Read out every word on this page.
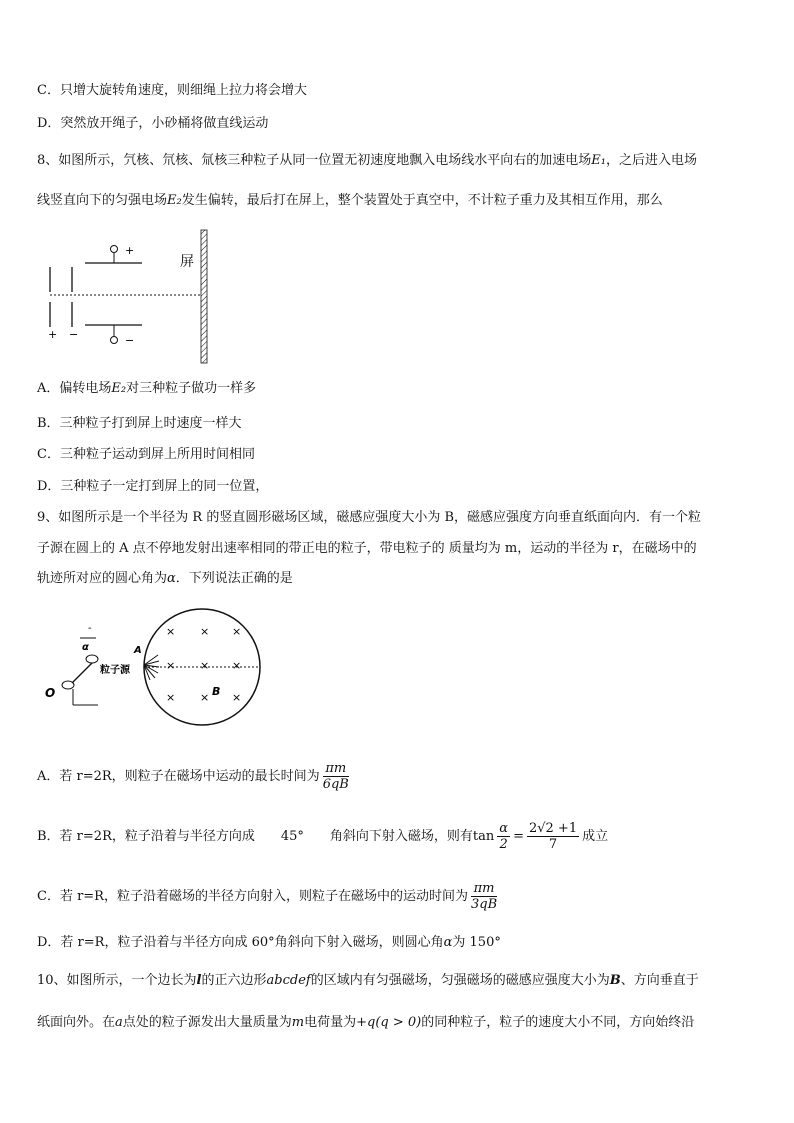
C．只增大旋转角速度，则细绳上拉力将会增大
D．突然放开绳子，小砂桶将做直线运动
8、如图所示，氕核、氘核、氚核三种粒子从同一位置无初速度地飘入电场线水平向右的加速电场E₁，之后进入电场
线竖直向下的匀强电场E₂发生偏转，最后打在屏上，整个装置处于真空中，不计粒子重力及其相互作用，那么
+ −
+
−
屏
A．偏转电场E₂对三种粒子做功一样多
B．三种粒子打到屏上时速度一样大
C．三种粒子运动到屏上所用时间相同
D．三种粒子一定打到屏上的同一位置，
9、如图所示是一个半径为 R 的竖直圆形磁场区域，磁感应强度大小为 B，磁感应强度方向垂直纸面向内．有一个粒
子源在圆上的 A 点不停地发射出速率相同的带正电的粒子，带电粒子的 质量均为 m，运动的半径为 r，在磁场中的
轨迹所对应的圆心角为α．下列说法正确的是
× × ×
× × ×
× × ×
B
A
粒子源
-
α
O
A．若 r=2R，则粒子在磁场中运动的最长时间为 $\frac{\pi m}{6qB}$
B．若 r=2R，粒子沿着与半径方向成 45° 角斜向下射入磁场，则有$\tan \frac{\alpha}{2} = \frac{2√2 +1}{7}$ 成立
C．若 r=R，粒子沿着磁场的半径方向射入，则粒子在磁场中的运动时间为 $\frac{\pi m}{3qB}$
D．若 r=R，粒子沿着与半径方向成 60°角斜向下射入磁场，则圆心角α为 150°
10、如图所示，一个边长为l的正六边形abcdef的区域内有匀强磁场，匀强磁场的磁感应强度大小为B、方向垂直于
纸面向外。在a点处的粒子源发出大量质量为m电荷量为+q(q > 0)的同种粒子，粒子的速度大小不同，方向始终沿
